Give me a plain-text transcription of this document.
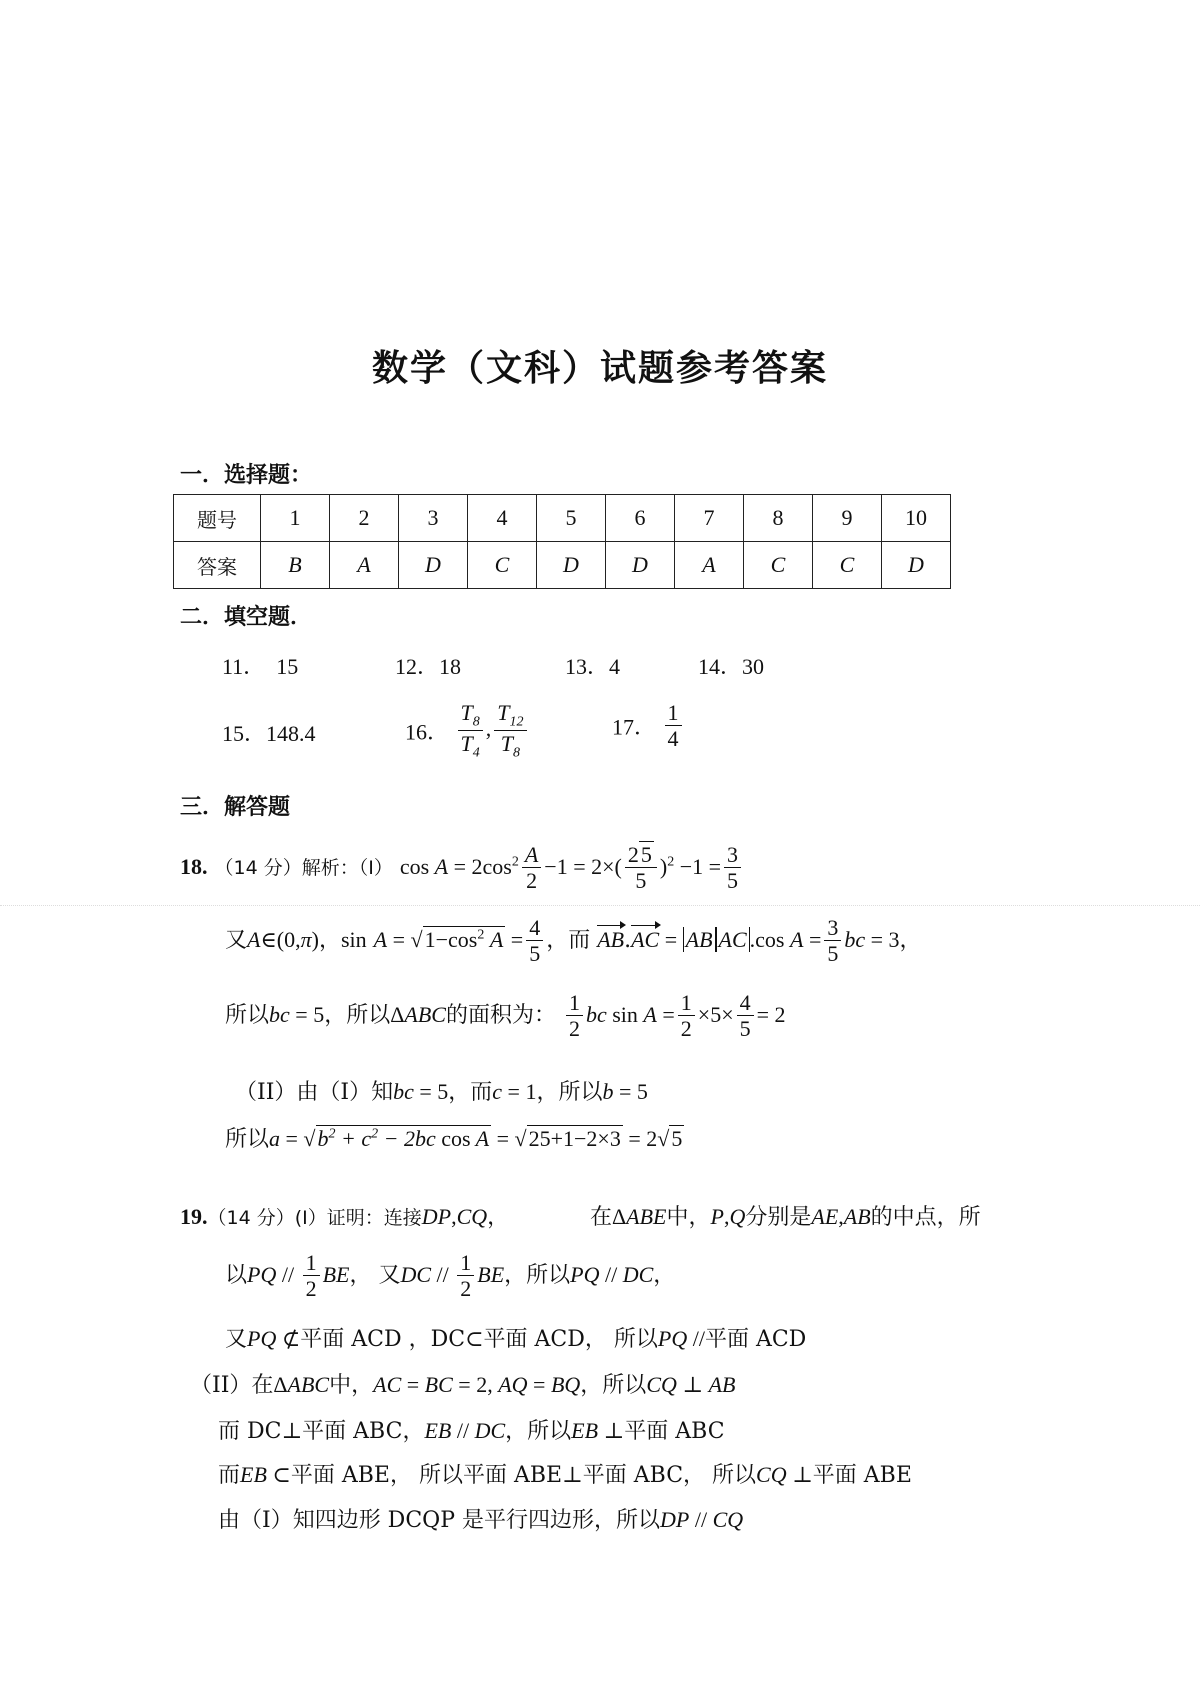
数学（文科）试题参考答案
一．选择题：
题号	1	2	3	4	5	6	7	8	9	10
答案	B	A	D	C	D	D	A	C	C	D
二．填空题．
11． 15	12．18	13．4	14．30
15．148.4	16． $\frac{T_8}{T_4}$ , $\frac{T_{12}}{T_8}$	17． $\frac{1}{4}$
三．解答题
18. （14 分）解析：（I） $\cos A = 2\cos^2 \frac{A}{2} -1 = 2\times( \frac{25}{5} )^2 -1 = \frac{3}{5}$
又A∈(0,π)，$\sin A = √1-\cos^2$ $A = \frac{4}{5}$ ，而 AB.AC = AB AC .cos $A = \frac{3}{5}$ bc = 3，
所以bc = 5，所以ΔABC的面积为： $\frac{1}{2}$ bc $\sin A = \frac{1}{2} \times 5\times \frac{4}{5} = 2$
（II）由（I）知bc = 5，而c = 1，所以b = 5
所以$a = √b^2 + c^2 - 2bc$ cos A = √25+1−2×3 = 2√5
19.（14 分）(I）证明：连接DP,CQ，	在ΔABE中，P,Q分别是AE,AB的中点，所
以PQ // $\frac{1}{2}$ BE， 又DC // $\frac{1}{2}$ BE，所以PQ // DC，
又PQ ⊄平面 ACD ，DC⊂平面 ACD， 所以PQ //平面 ACD
（II）在ΔABC中，AC = BC = 2, AQ = BQ，所以CQ ⊥ AB
而 DC⊥平面 ABC，EB // DC，所以EB ⊥平面 ABC
而EB ⊂平面 ABE， 所以平面 ABE⊥平面 ABC， 所以CQ ⊥平面 ABE
由（I）知四边形 DCQP 是平行四边形，所以DP // CQ
